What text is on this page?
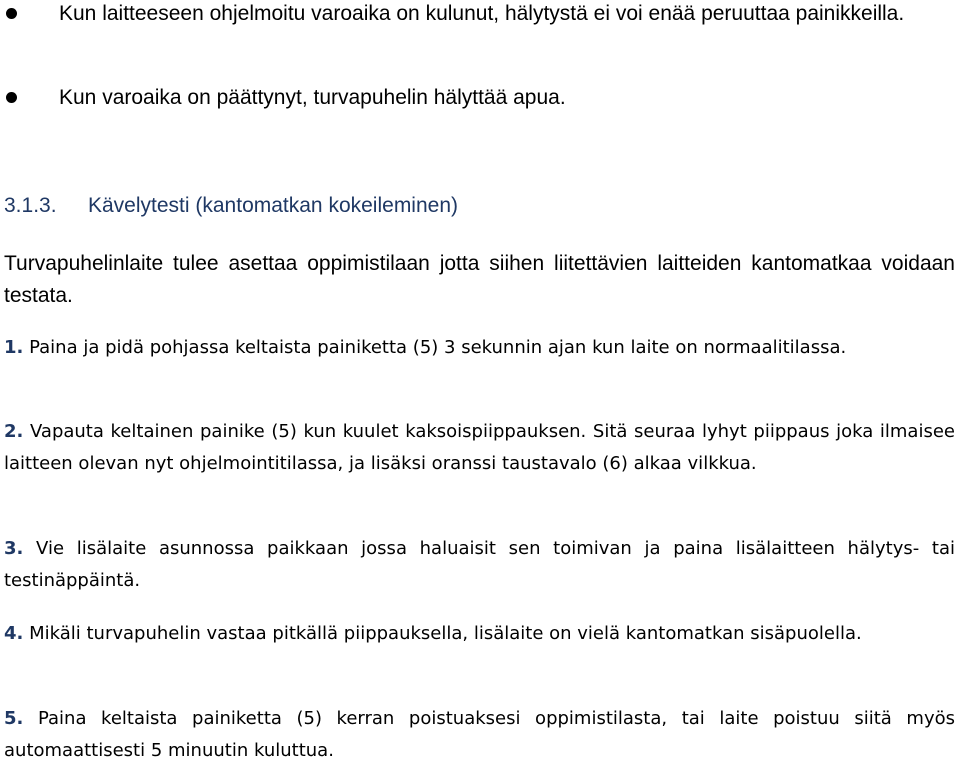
Kun laitteeseen ohjelmoitu varoaika on kulunut, hälytystä ei voi enää peruuttaa painikkeilla.
Kun varoaika on päättynyt, turvapuhelin hälyttää apua.
3.1.3. Kävelytesti (kantomatkan kokeileminen)
Turvapuhelinlaite tulee asettaa oppimistilaan jotta siihen liitettävien laitteiden kantomatkaa voidaan testata.
1. Paina ja pidä pohjassa keltaista painiketta (5) 3 sekunnin ajan kun laite on normaalitilassa.
2. Vapauta keltainen painike (5) kun kuulet kaksoispiippauksen. Sitä seuraa lyhyt piippaus joka ilmaisee laitteen olevan nyt ohjelmointitilassa, ja lisäksi oranssi taustavalo (6) alkaa vilkkua.
3. Vie lisälaite asunnossa paikkaan jossa haluaisit sen toimivan ja paina lisälaitteen hälytys- tai testinäppäintä.
4. Mikäli turvapuhelin vastaa pitkällä piippauksella, lisälaite on vielä kantomatkan sisäpuolella.
5. Paina keltaista painiketta (5) kerran poistuaksesi oppimistilasta, tai laite poistuu siitä myös automaattisesti 5 minuutin kuluttua.
